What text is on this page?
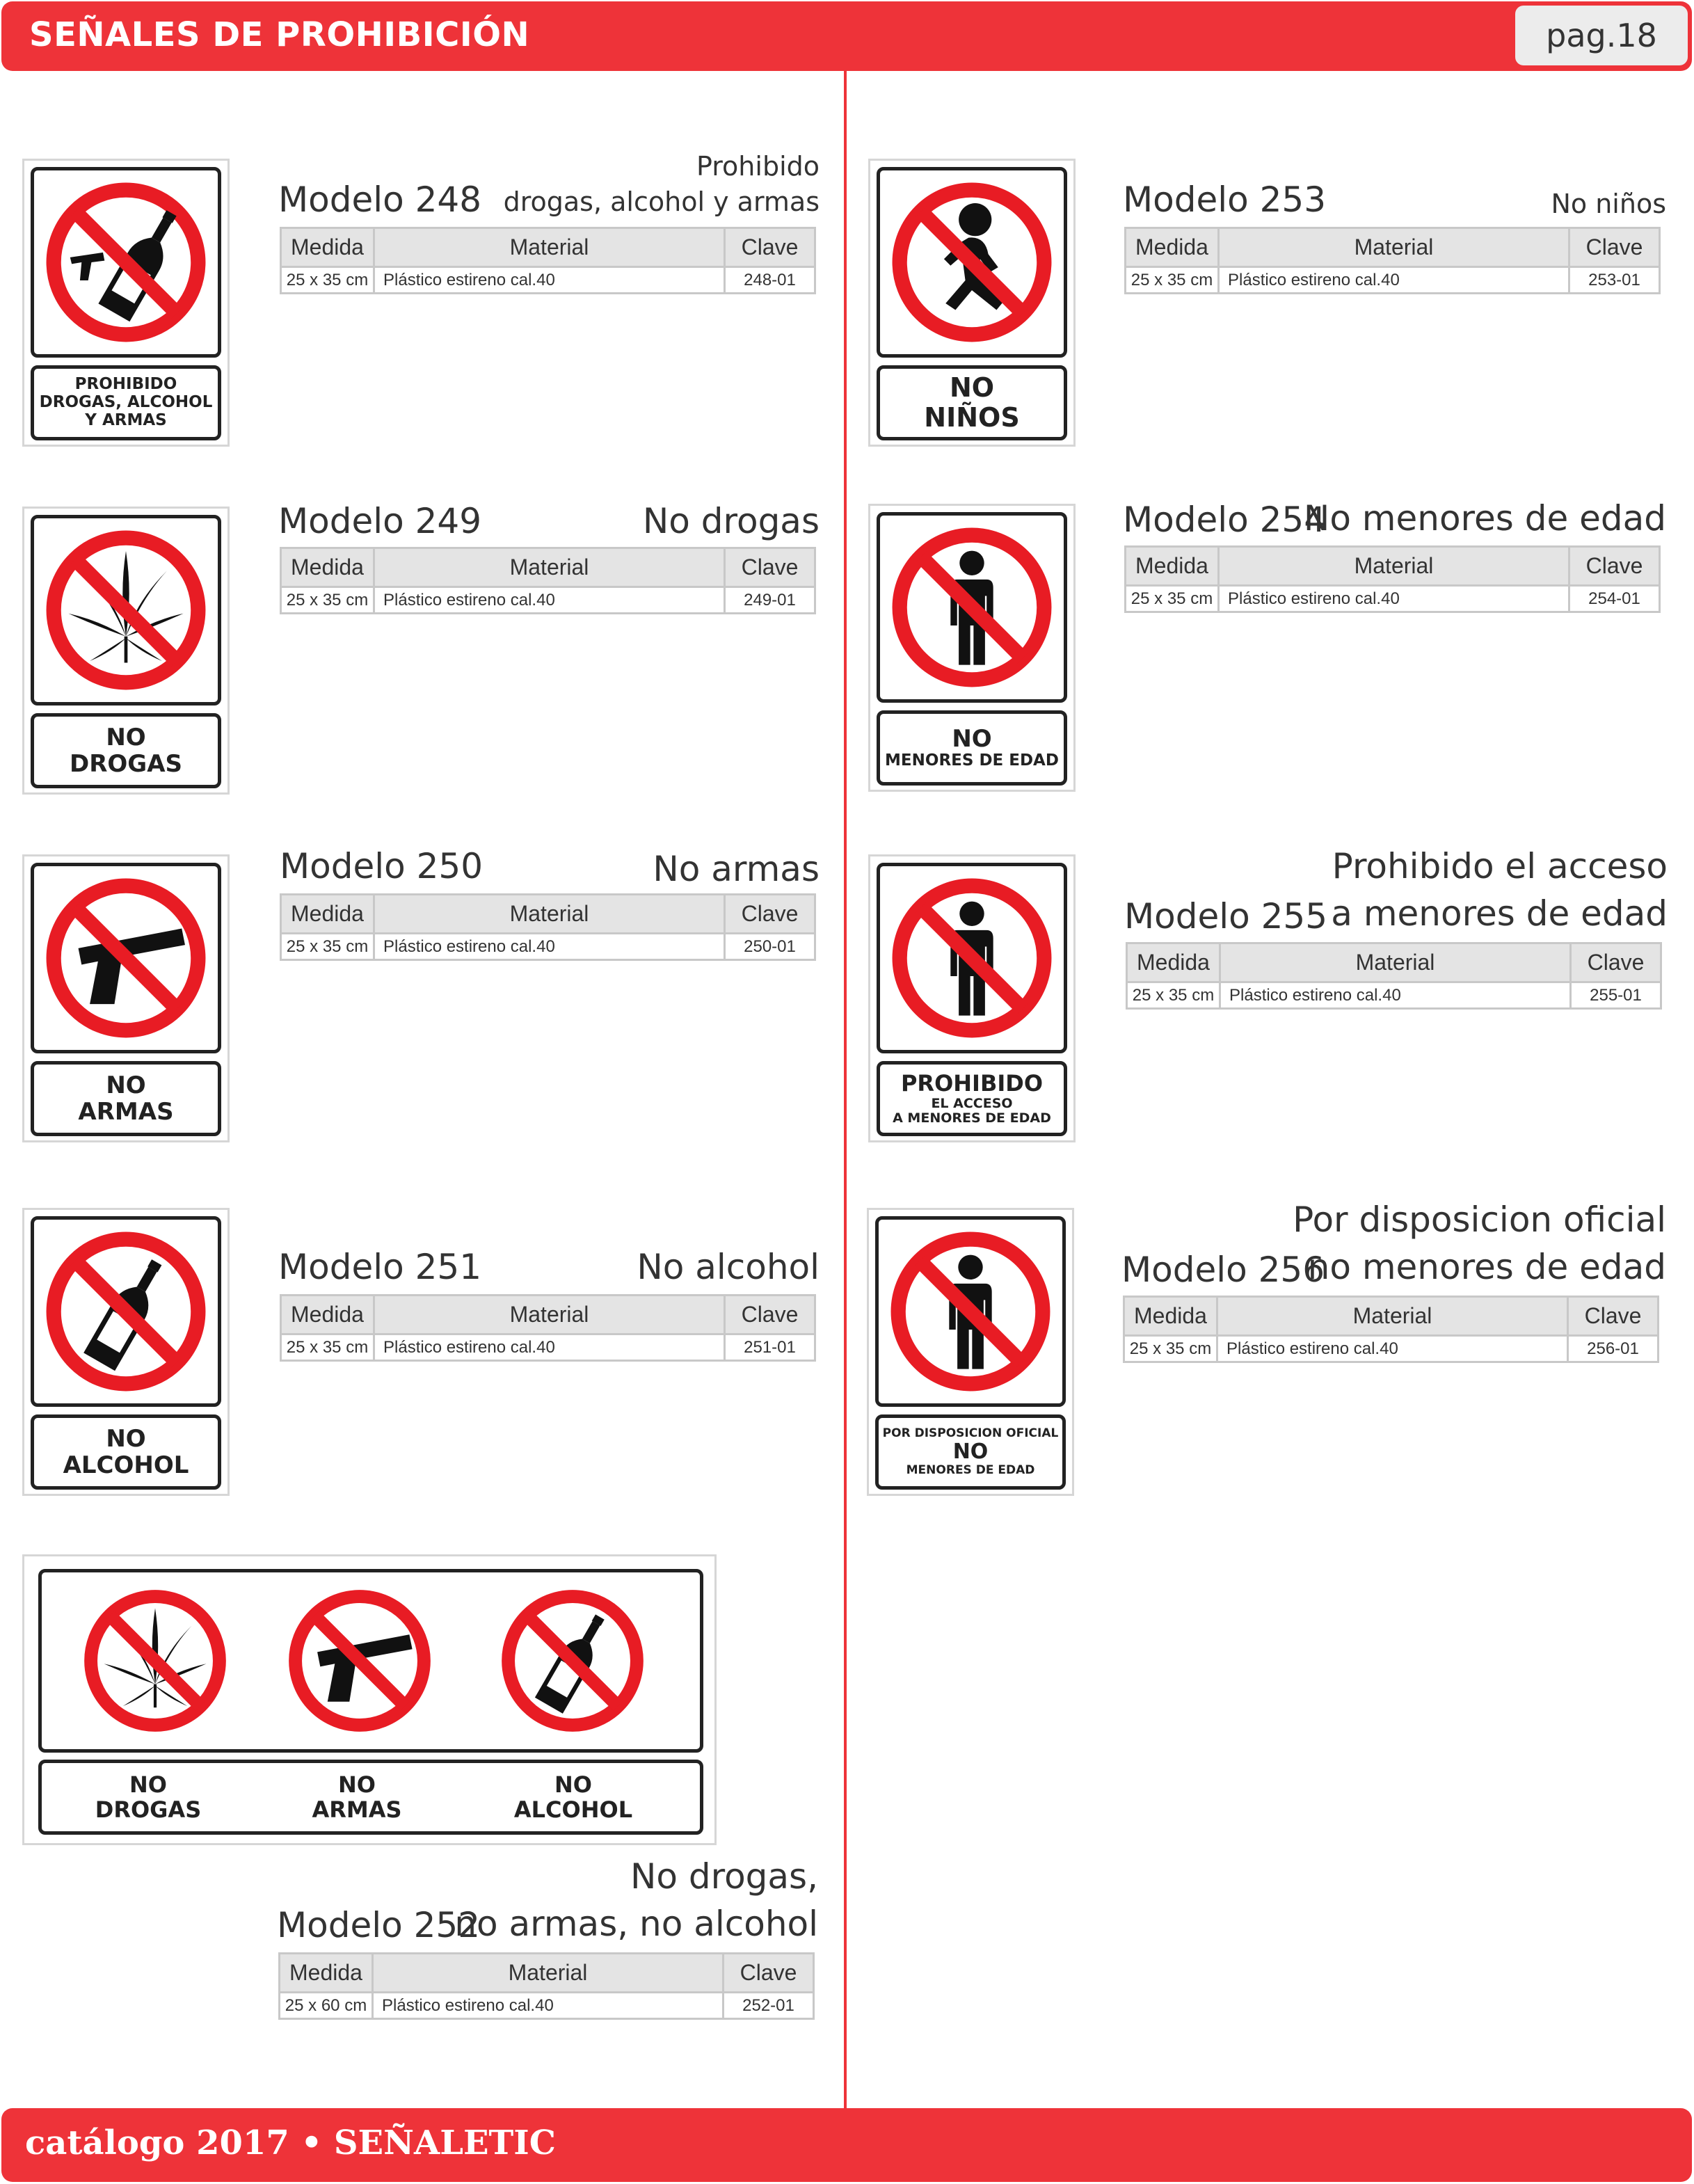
SEÑALES DE PROHIBICIÓN	pag.18
PROHIBIDO
DROGAS, ALCOHOL
Y ARMAS
Prohibido
drogas, alcohol y armas
Modelo 248
Medida	Material	Clave
25 x 35 cm	Plástico estireno cal.40	248-01
NO
DROGAS
No drogas
Modelo 249
Medida	Material	Clave
25 x 35 cm	Plástico estireno cal.40	249-01
NO
ARMAS
No armas
Modelo 250
Medida	Material	Clave
25 x 35 cm	Plástico estireno cal.40	250-01
NO
ALCOHOL
No alcohol
Modelo 251
Medida	Material	Clave
25 x 35 cm	Plástico estireno cal.40	251-01
NO
DROGAS
NO
ARMAS
NO
ALCOHOL
No drogas,
no armas, no alcohol
Modelo 252
Medida	Material	Clave
25 x 60 cm	Plástico estireno cal.40	252-01
NO
NIÑOS
No niños
Modelo 253
Medida	Material	Clave
25 x 35 cm	Plástico estireno cal.40	253-01
NO
MENORES DE EDAD
No menores de edad
Modelo 254
Medida	Material	Clave
25 x 35 cm	Plástico estireno cal.40	254-01
PROHIBIDO
EL ACCESO
A MENORES DE EDAD
Prohibido el acceso
a menores de edad
Modelo 255
Medida	Material	Clave
25 x 35 cm	Plástico estireno cal.40	255-01
POR DISPOSICION OFICIAL
NO
MENORES DE EDAD
Por disposicion oficial
no menores de edad
Modelo 256
Medida	Material	Clave
25 x 35 cm	Plástico estireno cal.40	256-01
catálogo 2017 • SEÑALETIC
